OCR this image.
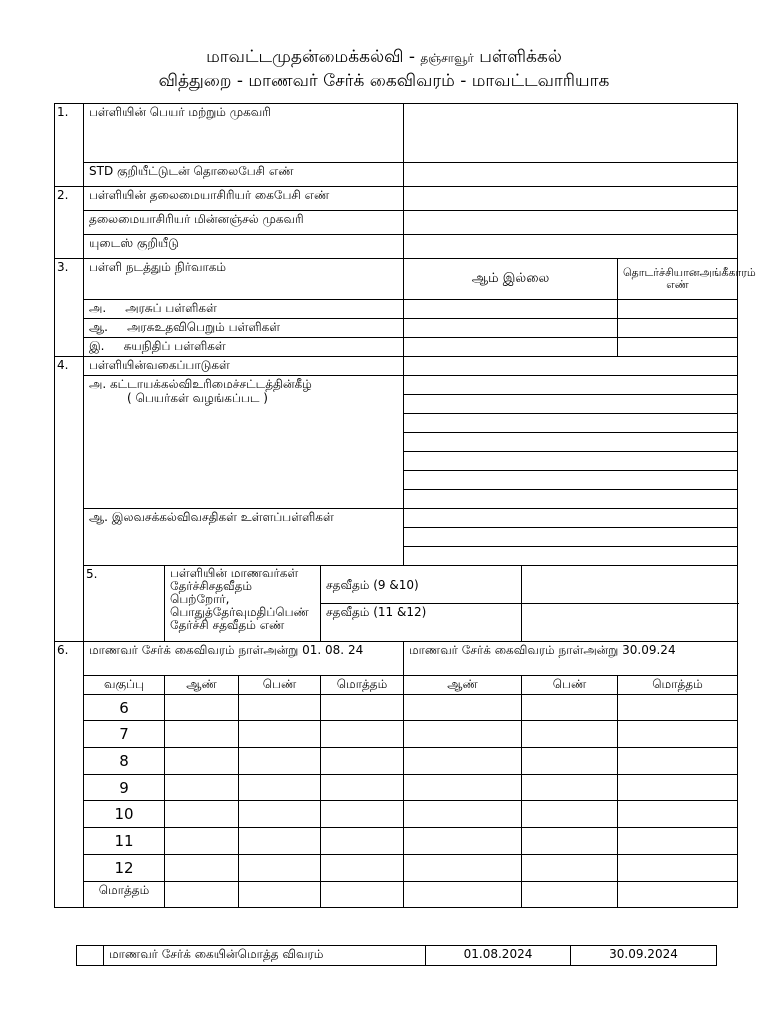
மாவட்டமுதன்மைக்கல்வி - தஞ்சாவூர் பள்ளிக்கல்
வித்துறை - மாணவர் சேர்க் கைவிவரம் - மாவட்டவாரியாக
1.	பள்ளியின் பெயர் மற்றும் முகவரி						
	STD குறியீட்டுடன் தொலைபேசி எண்						
2.	பள்ளியின் தலைமையாசிரியர் கைபேசி எண்						
	தலைமையாசிரியர் மின்னஞ்சல் முகவரி						
	யுடைஸ் குறியீடு						
3.	பள்ளி நடத்தும் நிர்வாகம்				ஆம் இல்லை		தொடர்ச்சியானஅங்கீகாரம் எண்
	அ. அரசுப் பள்ளிகள்						
	ஆ. அரசுஉதவிபெறும் பள்ளிகள்						
	இ. சுயநிதிப் பள்ளிகள்						
4.	பள்ளியின்வகைப்பாடுகள்						

	அ. கட்டாயக்கல்விஉரிமைச்சட்டத்தின்கீழ்
( பெயர்கள் வழங்கப்பட )						

	ஆ. இலவசக்கல்விவசதிகள் உள்ளப்பள்ளிகள்						

	5.	பள்ளியின் மாணவர்கள் தேர்ச்சிசதவீதம் பெற்றோர், பொதுத்தேர்வுமதிப்பெண் தேர்ச்சி சதவீதம் எண்		சதவீதம் (9 &10)			
				சதவீதம் (11 &12)			
6.	மாணவர் சேர்க் கைவிவரம் நாள்அன்று 01. 08. 24				மாணவர் சேர்க் கைவிவரம் நாள்அன்று 30.09.24		
	வகுப்பு	ஆண்	பெண்	மொத்தம்	ஆண்	பெண்	மொத்தம்
	6						
	7						
	8						
	9						
	10						
	11						
	12						
	மொத்தம்						
	மாணவர் சேர்க் கையின்மொத்த விவரம்	01.08.2024	30.09.2024
